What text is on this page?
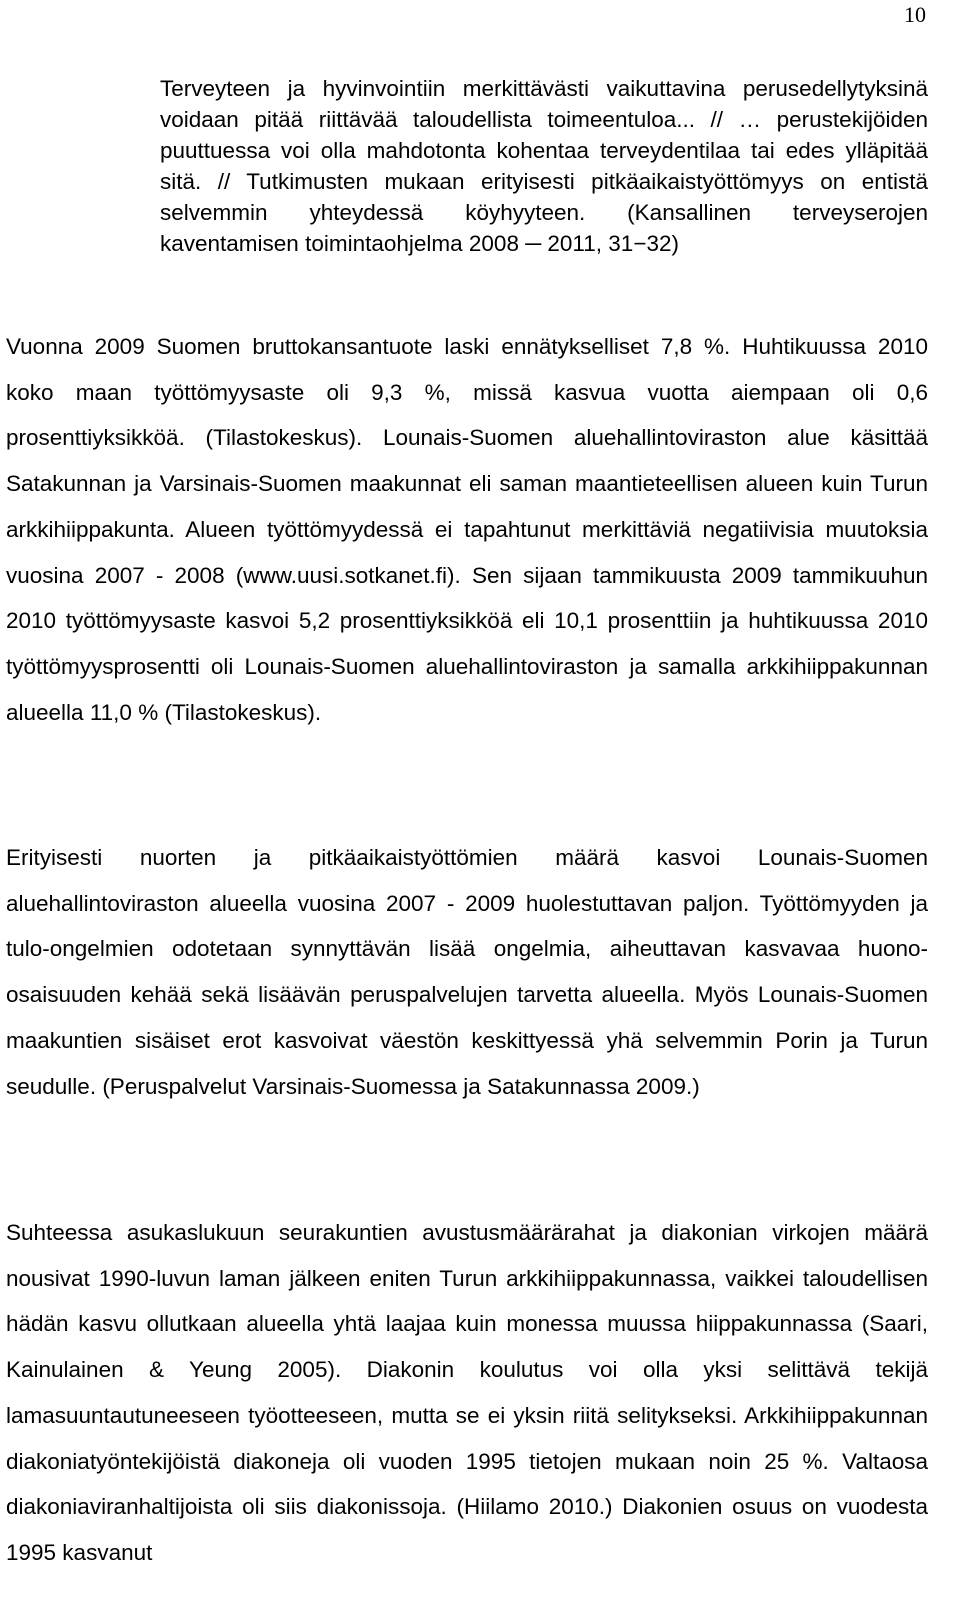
10

Terveyteen ja hyvinvointiin merkittävästi vaikuttavina perusedellytyksinä voidaan pitää riittävää taloudellista toimeentuloa... // … perustekijöiden puuttuessa voi olla mahdotonta kohentaa terveydentilaa tai edes ylläpitää sitä. // Tutkimusten mukaan erityisesti pitkäaikaistyöttömyys on entistä selvemmin yhteydessä köyhyyteen. (Kansallinen terveyserojen kaventamisen toimintaohjelma 2008 ─ 2011, 31−32)

Vuonna 2009 Suomen bruttokansantuote laski ennätykselliset 7,8 %. Huhtikuussa 2010 koko maan työttömyysaste oli 9,3 %, missä kasvua vuotta aiempaan oli 0,6 prosenttiyksikköä. (Tilastokeskus). Lounais-Suomen aluehallintoviraston alue käsittää Satakunnan ja Varsinais-Suomen maakunnat eli saman maantieteellisen alueen kuin Turun arkkihiippakunta. Alueen työttömyydessä ei tapahtunut merkittäviä negatiivisia muutoksia vuosina 2007 - 2008 (www.uusi.sotkanet.fi). Sen sijaan tammikuusta 2009 tammikuuhun 2010 työttömyysaste kasvoi 5,2 prosenttiyksikköä eli 10,1 prosenttiin ja huhtikuussa 2010 työttömyysprosentti oli Lounais-Suomen aluehallintoviraston ja samalla arkkihiippakunnan alueella 11,0 % (Tilastokeskus).

Erityisesti nuorten ja pitkäaikaistyöttömien määrä kasvoi Lounais-Suomen aluehallintoviraston alueella vuosina 2007 - 2009 huolestuttavan paljon. Työttömyyden ja tulo-ongelmien odotetaan synnyttävän lisää ongelmia, aiheuttavan kasvavaa huono-osaisuuden kehää sekä lisäävän peruspalvelujen tarvetta alueella. Myös Lounais-Suomen maakuntien sisäiset erot kasvoivat väestön keskittyessä yhä selvemmin Porin ja Turun seudulle. (Peruspalvelut Varsinais-Suomessa ja Satakunnassa 2009.)

Suhteessa asukaslukuun seurakuntien avustusmäärärahat ja diakonian virkojen määrä nousivat 1990-luvun laman jälkeen eniten Turun arkkihiippakunnassa, vaikkei taloudellisen hädän kasvu ollutkaan alueella yhtä laajaa kuin monessa muussa hiippakunnassa (Saari, Kainulainen & Yeung 2005). Diakonin koulutus voi olla yksi selittävä tekijä lamasuuntautuneeseen työotteeseen, mutta se ei yksin riitä selitykseksi. Arkkihiippakunnan diakoniatyöntekijöistä diakoneja oli vuoden 1995 tietojen mukaan noin 25 %. Valtaosa diakoniaviranhaltijoista oli siis diakonissoja. (Hiilamo 2010.) Diakonien osuus on vuodesta 1995 kasvanut
